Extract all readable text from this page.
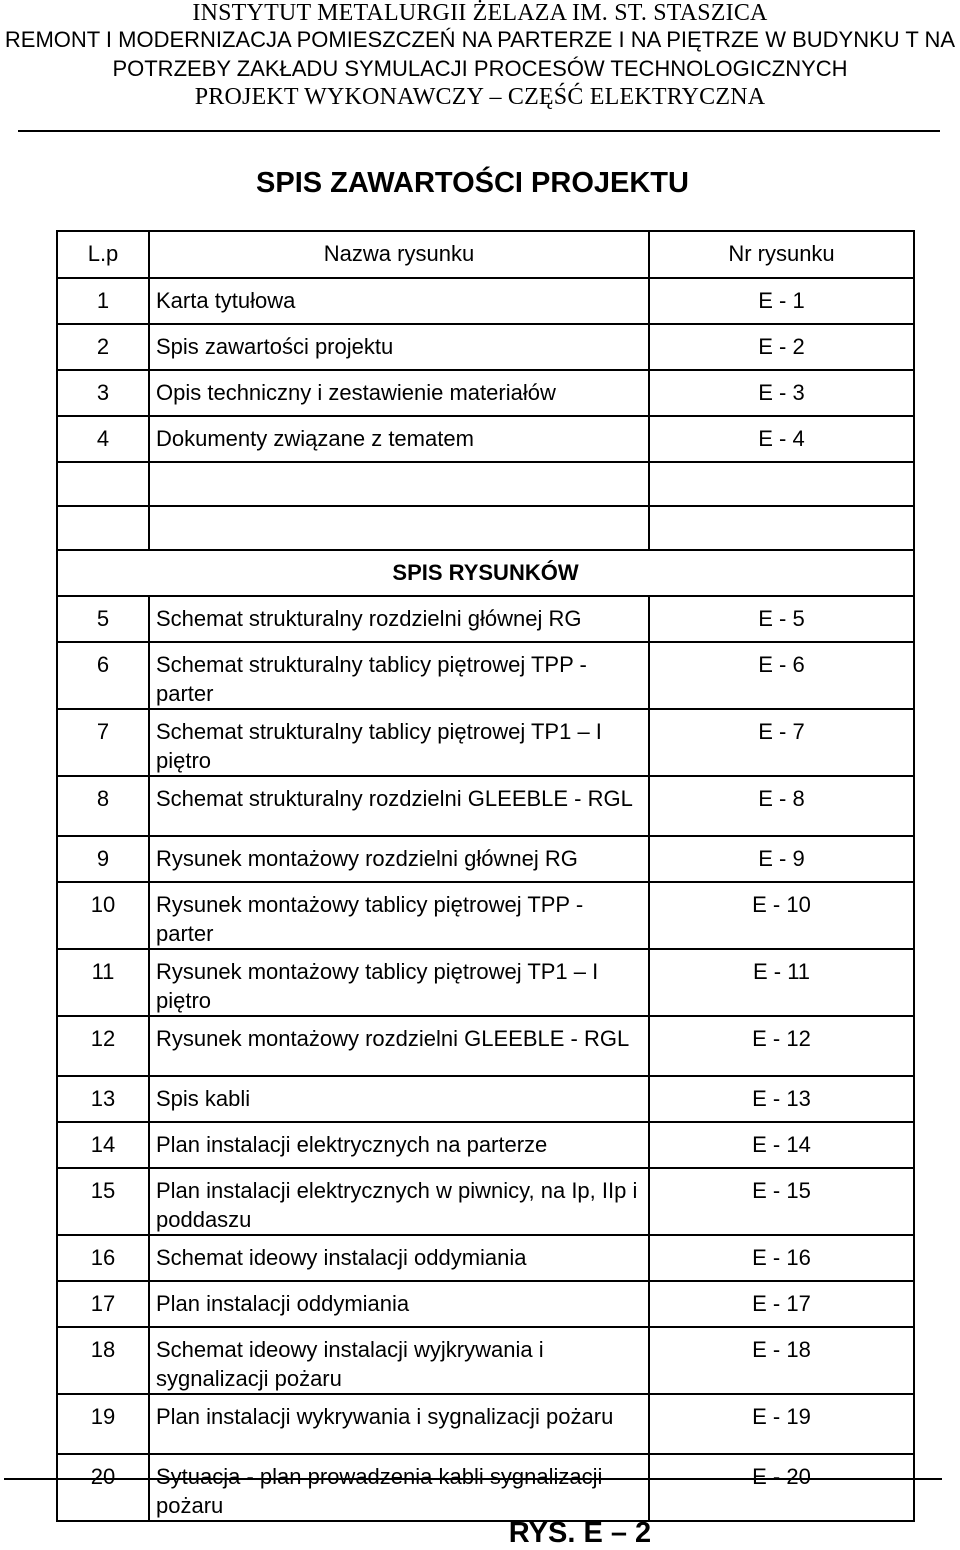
INSTYTUT METALURGII ŻELAZA IM. ST. STASZICA
REMONT I MODERNIZACJA POMIESZCZEŃ NA PARTERZE I NA PIĘTRZE W BUDYNKU T NA
POTRZEBY ZAKŁADU SYMULACJI PROCESÓW TECHNOLOGICZNYCH
PROJEKT WYKONAWCZY – CZĘŚĆ ELEKTRYCZNA
SPIS ZAWARTOŚCI PROJEKTU
L.p	Nazwa rysunku	Nr rysunku
1	Karta tytułowa	E - 1
2	Spis zawartości projektu	E - 2
3	Opis techniczny i zestawienie materiałów	E - 3
4	Dokumenty związane z tematem	E - 4

SPIS RYSUNKÓW		
5	Schemat strukturalny rozdzielni głównej RG	E - 5
6	Schemat strukturalny tablicy piętrowej TPP - parter	E - 6
7	Schemat strukturalny tablicy piętrowej TP1 – I piętro	E - 7
8	Schemat strukturalny rozdzielni GLEEBLE - RGL	E - 8
9	Rysunek montażowy rozdzielni głównej RG	E - 9
10	Rysunek montażowy tablicy piętrowej TPP - parter	E - 10
11	Rysunek montażowy tablicy piętrowej TP1 – I piętro	E - 11
12	Rysunek montażowy rozdzielni GLEEBLE - RGL	E - 12
13	Spis kabli	E - 13
14	Plan instalacji elektrycznych na parterze	E - 14
15	Plan instalacji elektrycznych w piwnicy, na Ip, IIp i poddaszu	E - 15
16	Schemat ideowy instalacji oddymiania	E - 16
17	Plan instalacji oddymiania	E - 17
18	Schemat ideowy instalacji wyjkrywania i sygnalizacji pożaru	E - 18
19	Plan instalacji wykrywania i sygnalizacji pożaru	E - 19
20	Sytuacja - plan prowadzenia kabli sygnalizacji pożaru	E - 20
RYS. E – 2
